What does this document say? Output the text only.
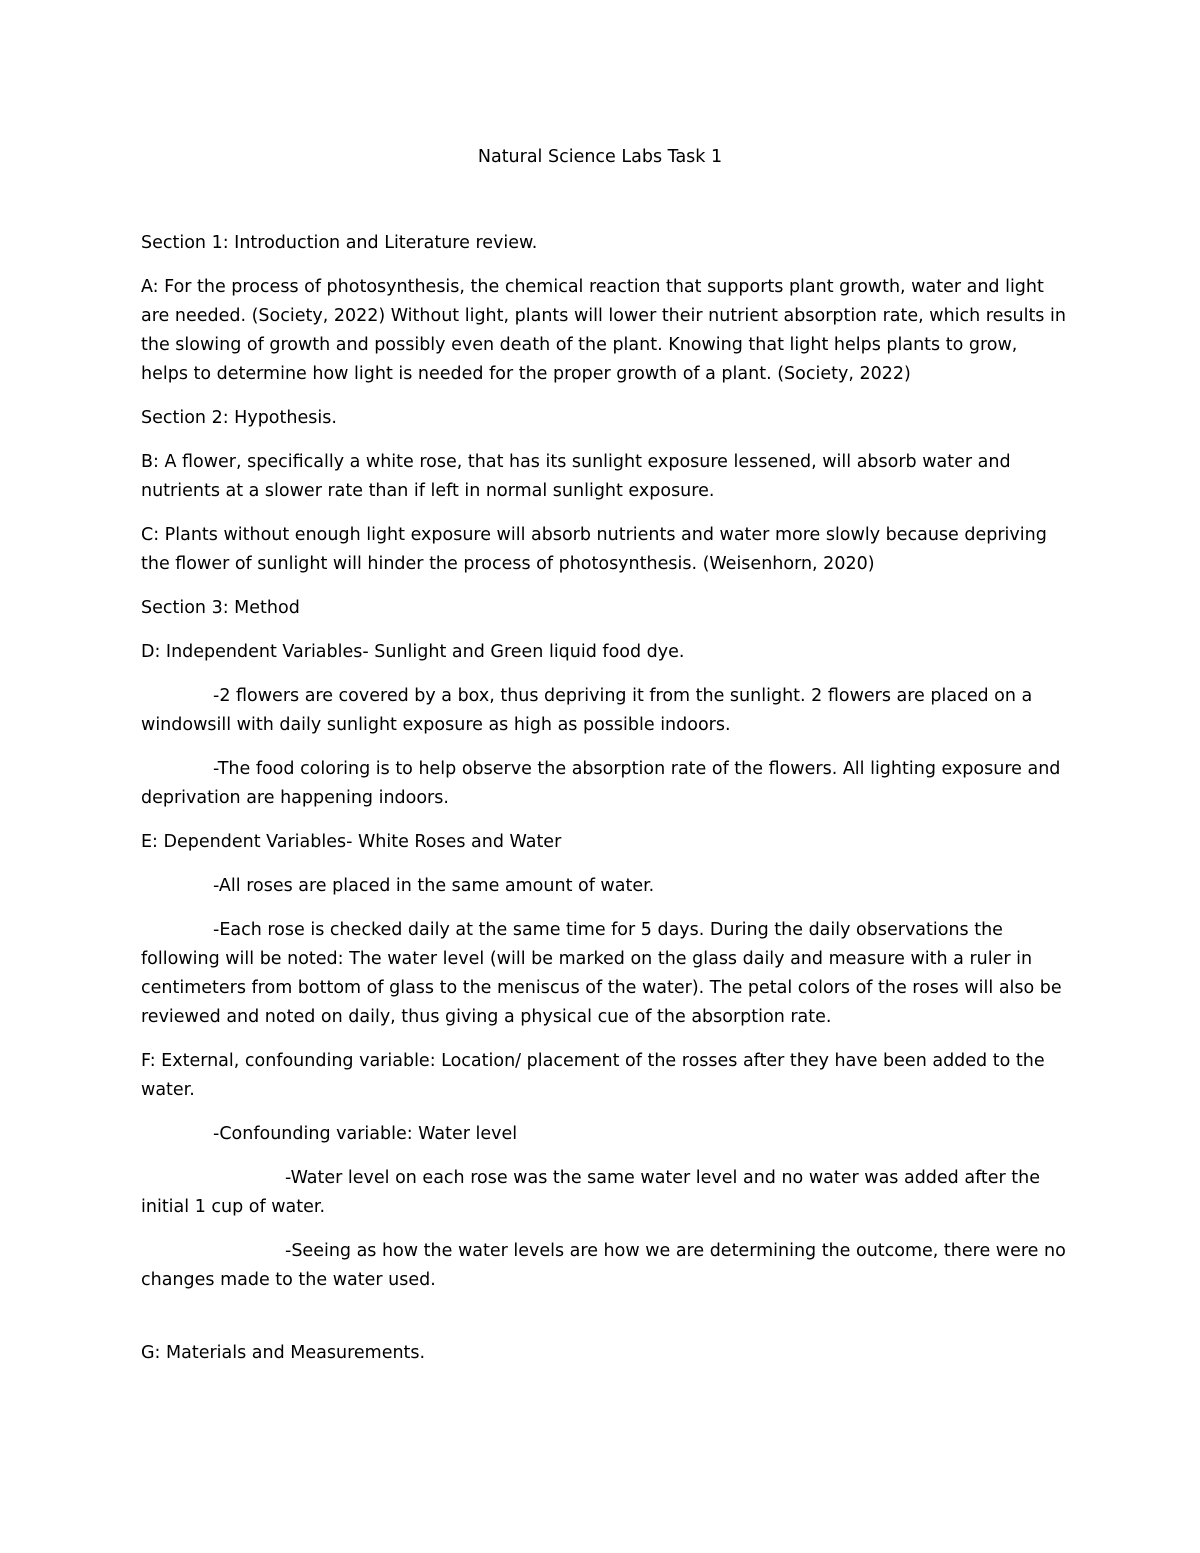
Natural Science Labs Task 1

Section 1: Introduction and Literature review.

A: For the process of photosynthesis, the chemical reaction that supports plant growth, water and light are needed. (Society, 2022) Without light, plants will lower their nutrient absorption rate, which results in the slowing of growth and possibly even death of the plant. Knowing that light helps plants to grow, helps to determine how light is needed for the proper growth of a plant. (Society, 2022)

Section 2: Hypothesis.

B: A flower, specifically a white rose, that has its sunlight exposure lessened, will absorb water and nutrients at a slower rate than if left in normal sunlight exposure.

C: Plants without enough light exposure will absorb nutrients and water more slowly because depriving the flower of sunlight will hinder the process of photosynthesis. (Weisenhorn, 2020)

Section 3: Method

D: Independent Variables- Sunlight and Green liquid food dye.

-2 flowers are covered by a box, thus depriving it from the sunlight. 2 flowers are placed on a windowsill with daily sunlight exposure as high as possible indoors.

-The food coloring is to help observe the absorption rate of the flowers. All lighting exposure and deprivation are happening indoors.

E: Dependent Variables- White Roses and Water

-All roses are placed in the same amount of water.

-Each rose is checked daily at the same time for 5 days. During the daily observations the following will be noted: The water level (will be marked on the glass daily and measure with a ruler in centimeters from bottom of glass to the meniscus of the water). The petal colors of the roses will also be reviewed and noted on daily, thus giving a physical cue of the absorption rate.

F: External, confounding variable: Location/ placement of the rosses after they have been added to the water.

-Confounding variable: Water level

-Water level on each rose was the same water level and no water was added after the initial 1 cup of water.

-Seeing as how the water levels are how we are determining the outcome, there were no changes made to the water used.

G: Materials and Measurements.
